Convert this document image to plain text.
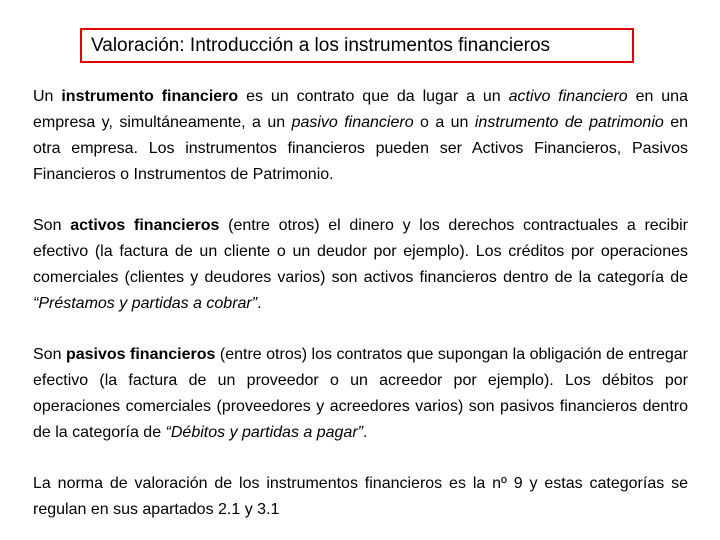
Valoración: Introducción a los instrumentos financieros

Un instrumento financiero es un contrato que da lugar a un activo financiero en una empresa y, simultáneamente, a un pasivo financiero o a un instrumento de patrimonio en otra empresa. Los instrumentos financieros pueden ser Activos Financieros, Pasivos Financieros o Instrumentos de Patrimonio.

Son activos financieros (entre otros) el dinero y los derechos contractuales a recibir efectivo (la factura de un cliente o un deudor por ejemplo). Los créditos por operaciones comerciales (clientes y deudores varios) son activos financieros dentro de la categoría de “Préstamos y partidas a cobrar”.

Son pasivos financieros (entre otros) los contratos que supongan la obligación de entregar efectivo (la factura de un proveedor o un acreedor por ejemplo). Los débitos por operaciones comerciales (proveedores y acreedores varios) son pasivos financieros dentro de la categoría de “Débitos y partidas a pagar”.

La norma de valoración de los instrumentos financieros es la nº 9 y estas categorías se regulan en sus apartados 2.1 y 3.1
